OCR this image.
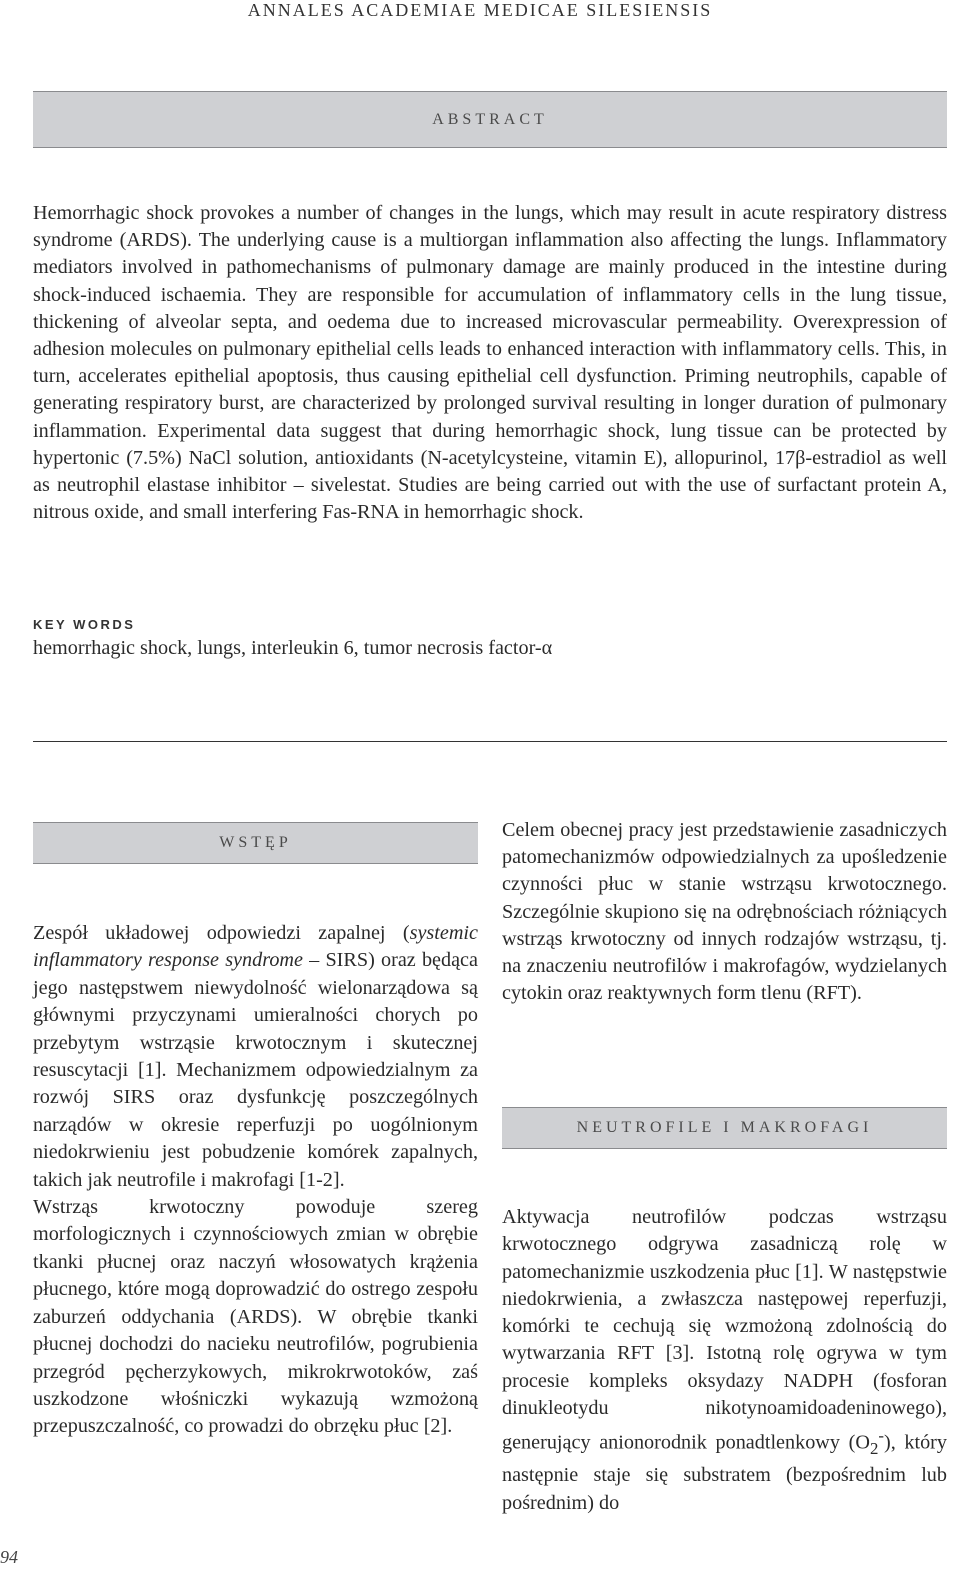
ANNALES ACADEMIAE MEDICAE SILESIENSIS
ABSTRACT

Hemorrhagic shock provokes a number of changes in the lungs, which may result in acute respiratory distress syndrome (ARDS). The underlying cause is a multiorgan inflammation also affecting the lungs. Inflammatory mediators involved in pathomechanisms of pulmonary damage are mainly produced in the intestine during shock-induced ischaemia. They are responsible for accumulation of inflammatory cells in the lung tissue, thickening of alveolar septa, and oedema due to increased microvascular permeability. Overexpression of adhesion molecules on pulmonary epithelial cells leads to enhanced interaction with inflammatory cells. This, in turn, accelerates epithelial apoptosis, thus causing epithelial cell dysfunction. Priming neutrophils, capable of generating respiratory burst, are characterized by prolonged survival resulting in longer duration of pulmonary inflammation. Experimental data suggest that during hemorrhagic shock, lung tissue can be protected by hypertonic (7.5%) NaCl solution, antioxidants (N-acetylcysteine, vitamin E), allopurinol, 17β-estradiol as well as neutrophil elastase inhibitor – sivelestat. Studies are being carried out with the use of surfactant protein A, nitrous oxide, and small interfering Fas-RNA in hemorrhagic shock.

KEY WORDS
hemorrhagic shock, lungs, interleukin 6, tumor necrosis factor-α
WSTĘP

Zespół układowej odpowiedzi zapalnej (systemic inflammatory response syndrome – SIRS) oraz będąca jego następstwem niewydolność wielonarządowa są głównymi przyczynami umieralności chorych po przebytym wstrząsie krwotocznym i skutecznej resuscytacji [1]. Mechanizmem odpowiedzialnym za rozwój SIRS oraz dysfunkcję poszczególnych narządów w okresie reperfuzji po uogólnionym niedokrwieniu jest pobudzenie komórek zapalnych, takich jak neutrofile i makrofagi [1-2].

Wstrząs krwotoczny powoduje szereg morfologicznych i czynnościowych zmian w obrębie tkanki płucnej oraz naczyń włosowatych krążenia płucnego, które mogą doprowadzić do ostrego zespołu zaburzeń oddychania (ARDS). W obrębie tkanki płucnej dochodzi do nacieku neutrofilów, pogrubienia przegród pęcherzykowych, mikrokrwotoków, zaś uszkodzone włośniczki wykazują wzmożoną przepuszczalność, co prowadzi do obrzęku płuc [2].

Celem obecnej pracy jest przedstawienie zasadniczych patomechanizmów odpowiedzialnych za upośledzenie czynności płuc w stanie wstrząsu krwotocznego. Szczególnie skupiono się na odrębnościach różniących wstrząs krwotoczny od innych rodzajów wstrząsu, tj. na znaczeniu neutrofilów i makrofagów, wydzielanych cytokin oraz reaktywnych form tlenu (RFT).

NEUTROFILE I MAKROFAGI

Aktywacja neutrofilów podczas wstrząsu krwotocznego odgrywa zasadniczą rolę w patomechanizmie uszkodzenia płuc [1]. W następstwie niedokrwienia, a zwłaszcza następowej reperfuzji, komórki te cechują się wzmożoną zdolnością do wytwarzania RFT [3]. Istotną rolę ogrywa w tym procesie kompleks oksydazy NADPH (fosforan dinukleotydu nikotynoamidoadeninowego), generujący anionorodnik ponadtlenkowy $(O_2^-)$, który następnie staje się substratem (bezpośrednim lub pośrednim) do

94
